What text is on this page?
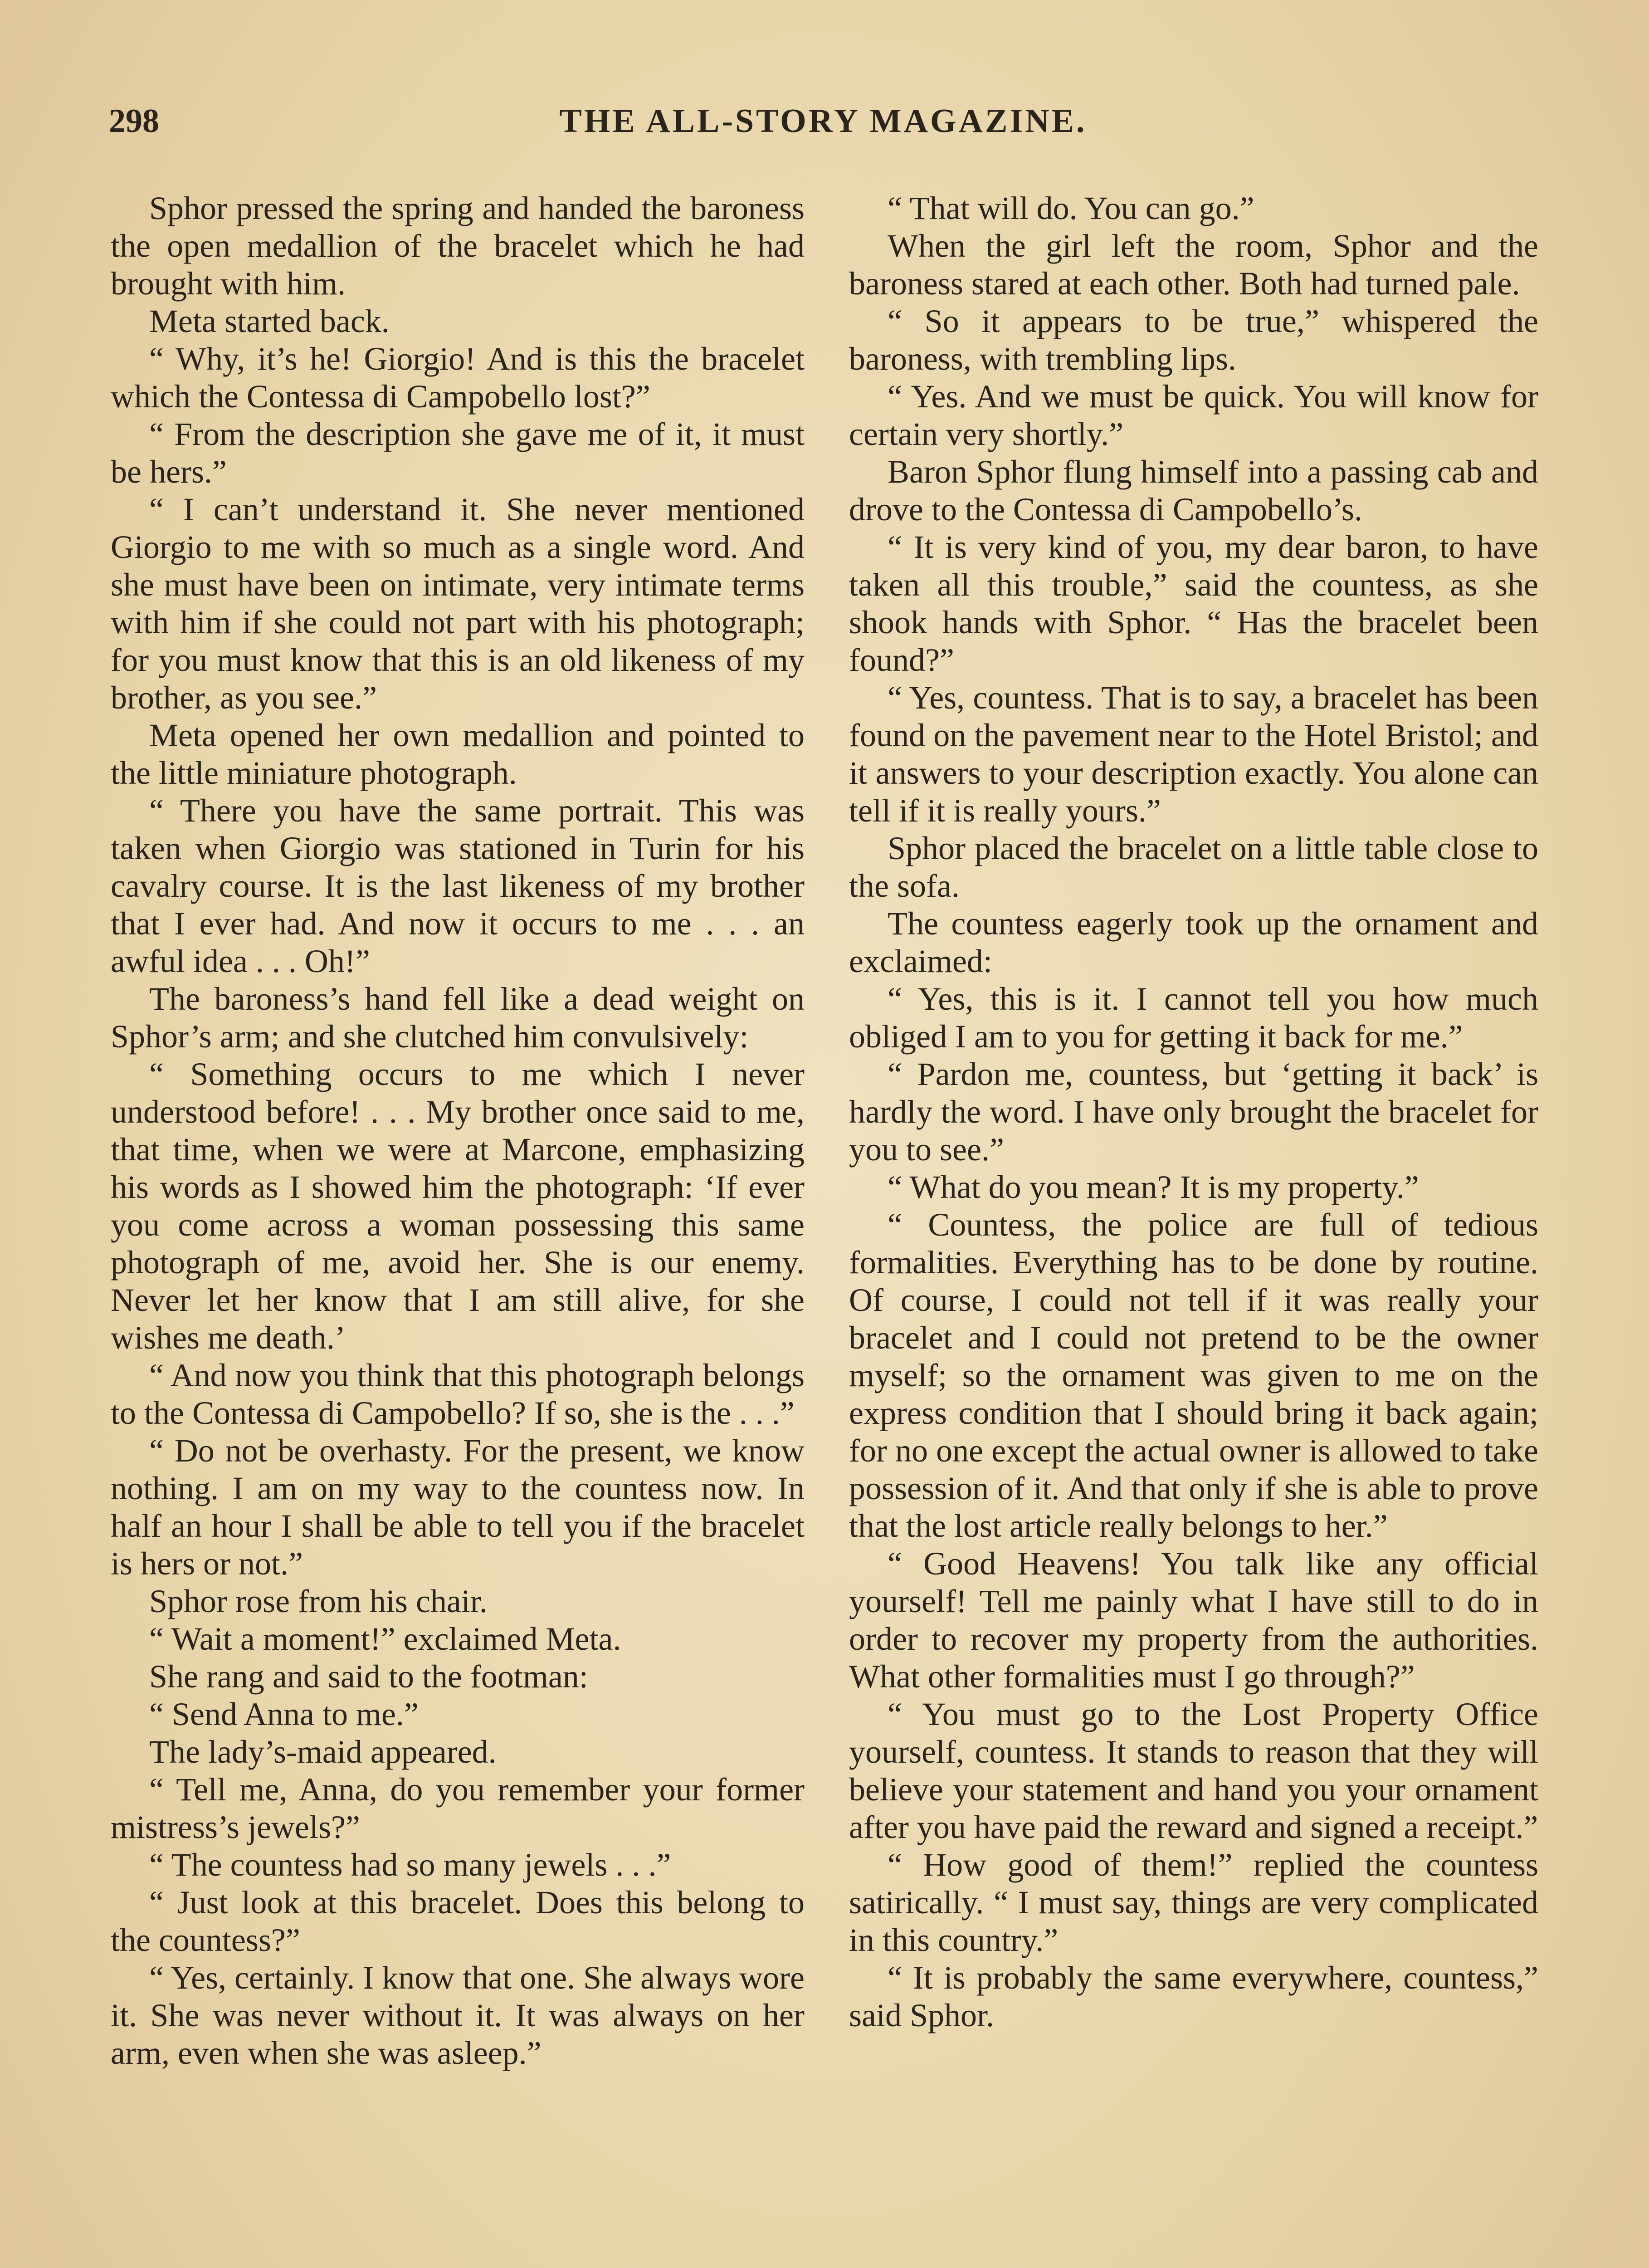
298	THE ALL-STORY MAGAZINE.

Sphor pressed the spring and handed the baroness the open medallion of the bracelet which he had brought with him.

Meta started back.

“ Why, it’s he! Giorgio! And is this the bracelet which the Contessa di Campobello lost?”

“ From the description she gave me of it, it must be hers.”

“ I can’t understand it. She never mentioned Giorgio to me with so much as a single word. And she must have been on intimate, very intimate terms with him if she could not part with his photograph; for you must know that this is an old likeness of my brother, as you see.”

Meta opened her own medallion and pointed to the little miniature photograph.

“ There you have the same portrait. This was taken when Giorgio was stationed in Turin for his cavalry course. It is the last likeness of my brother that I ever had. And now it occurs to me . . . an awful idea . . . Oh!”

The baroness’s hand fell like a dead weight on Sphor’s arm; and she clutched him convulsively:

“ Something occurs to me which I never understood before! . . . My brother once said to me, that time, when we were at Marcone, emphasizing his words as I showed him the photograph: ‘If ever you come across a woman possessing this same photograph of me, avoid her. She is our enemy. Never let her know that I am still alive, for she wishes me death.’

“ And now you think that this photograph belongs to the Contessa di Campobello? If so, she is the . . .”

“ Do not be overhasty. For the present, we know nothing. I am on my way to the countess now. In half an hour I shall be able to tell you if the bracelet is hers or not.”

Sphor rose from his chair.

“ Wait a moment!” exclaimed Meta.

She rang and said to the footman:

“ Send Anna to me.”

The lady’s-maid appeared.

“ Tell me, Anna, do you remember your former mistress’s jewels?”

“ The countess had so many jewels . . .”

“ Just look at this bracelet. Does this belong to the countess?”

“ Yes, certainly. I know that one. She always wore it. She was never without it. It was always on her arm, even when she was asleep.”

“ That will do. You can go.”

When the girl left the room, Sphor and the baroness stared at each other. Both had turned pale.

“ So it appears to be true,” whispered the baroness, with trembling lips.

“ Yes. And we must be quick. You will know for certain very shortly.”

Baron Sphor flung himself into a passing cab and drove to the Contessa di Campobello’s.

“ It is very kind of you, my dear baron, to have taken all this trouble,” said the countess, as she shook hands with Sphor. “ Has the bracelet been found?”

“ Yes, countess. That is to say, a bracelet has been found on the pavement near to the Hotel Bristol; and it answers to your description exactly. You alone can tell if it is really yours.”

Sphor placed the bracelet on a little table close to the sofa.

The countess eagerly took up the ornament and exclaimed:

“ Yes, this is it. I cannot tell you how much obliged I am to you for getting it back for me.”

“ Pardon me, countess, but ‘getting it back’ is hardly the word. I have only brought the bracelet for you to see.”

“ What do you mean? It is my property.”

“ Countess, the police are full of tedious formalities. Everything has to be done by routine. Of course, I could not tell if it was really your bracelet and I could not pretend to be the owner myself; so the ornament was given to me on the express condition that I should bring it back again; for no one except the actual owner is allowed to take possession of it. And that only if she is able to prove that the lost article really belongs to her.”

“ Good Heavens! You talk like any official yourself! Tell me painly what I have still to do in order to recover my property from the authorities. What other formalities must I go through?”

“ You must go to the Lost Property Office yourself, countess. It stands to reason that they will believe your statement and hand you your ornament after you have paid the reward and signed a receipt.”

“ How good of them!” replied the countess satirically. “ I must say, things are very complicated in this country.”

“ It is probably the same everywhere, countess,” said Sphor.
